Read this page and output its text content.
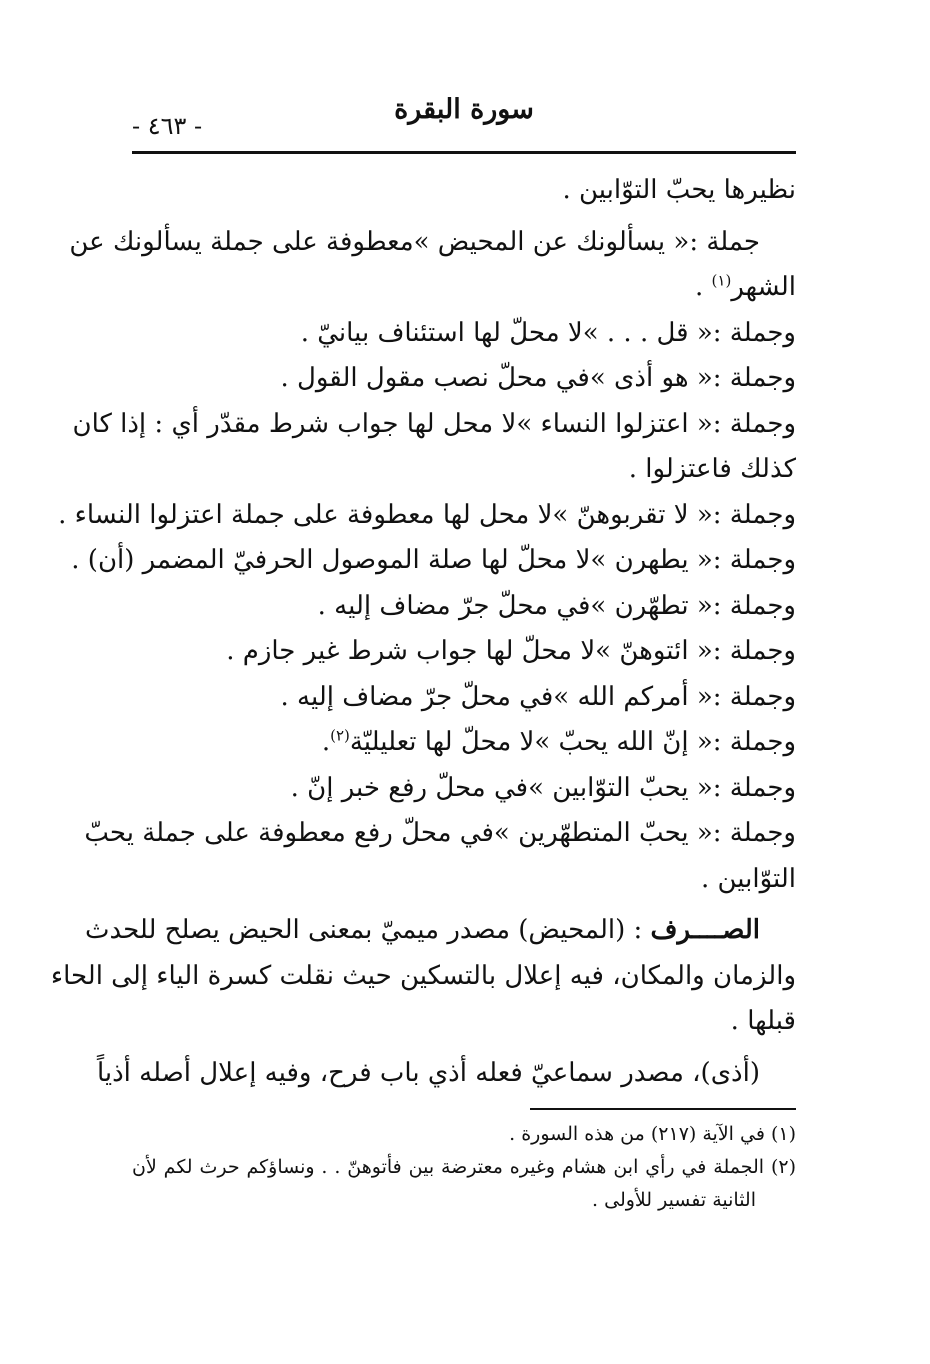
- ٤٦٣ -
سورة البقرة
نظيرها يحبّ التوّابين .
جملة :« يسألونك عن المحيض »معطوفة على جملة يسألونك عن
الشهر$^{(١)}$ .
وجملة :« قل . . . »لا محلّ لها استئناف بيانيّ .
وجملة :« هو أذى »في محلّ نصب مقول القول .
وجملة :« اعتزلوا النساء »لا محل لها جواب شرط مقدّر أي : إذا كان
كذلك فاعتزلوا .
وجملة :« لا تقربوهنّ »لا محل لها معطوفة على جملة اعتزلوا النساء .
وجملة :« يطهرن »لا محلّ لها صلة الموصول الحرفيّ المضمر (أن) .
وجملة :« تطهّرن »في محلّ جرّ مضاف إليه .
وجملة :« ائتوهنّ »لا محلّ لها جواب شرط غير جازم .
وجملة :« أمركم الله »في محلّ جرّ مضاف إليه .
وجملة :« إنّ الله يحبّ »لا محلّ لها تعليليّة$^{(٢)}$.
وجملة :« يحبّ التوّابين »في محلّ رفع خبر إنّ .
وجملة :« يحبّ المتطهّرين »في محلّ رفع معطوفة على جملة يحبّ
التوّابين .
الصــــرف : (المحيض) مصدر ميميّ بمعنى الحيض يصلح للحدث
والزمان والمكان، فيه إعلال بالتسكين حيث نقلت كسرة الياء إلى الحاء
قبلها .
(أذى)، مصدر سماعيّ فعله أذي باب فرح، وفيه إعلال أصله أذياً
(١) في الآية (٢١٧) من هذه السورة .
(٢) الجملة في رأي ابن هشام وغيره معترضة بين فأتوهنّ . . ونساؤكم حرث لكم لأن
الثانية تفسير للأولى .
